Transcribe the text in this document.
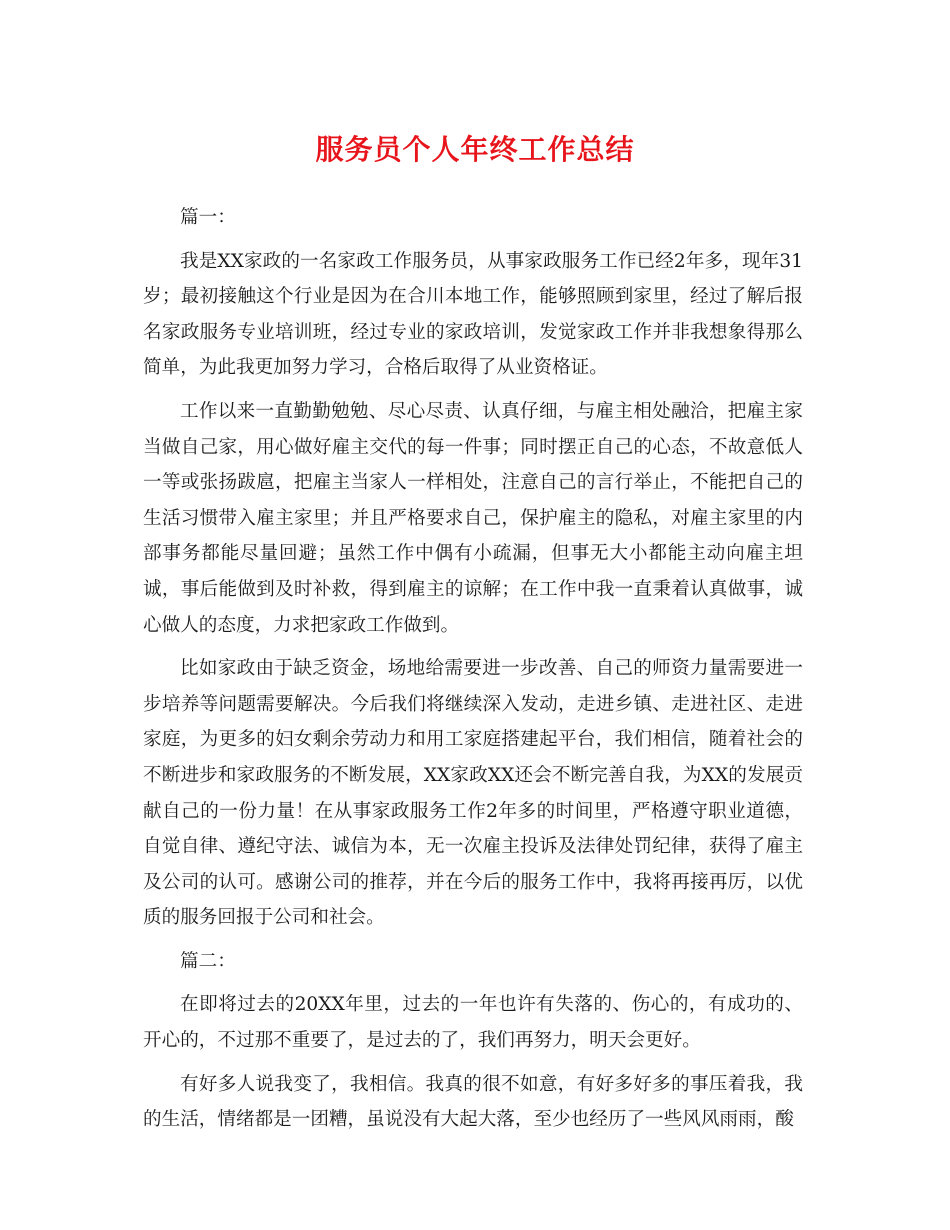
服务员个人年终工作总结

篇一：

我是XX家政的一名家政工作服务员，从事家政服务工作已经2年多，现年31岁；最初接触这个行业是因为在合川本地工作，能够照顾到家里，经过了解后报名家政服务专业培训班，经过专业的家政培训，发觉家政工作并非我想象得那么简单，为此我更加努力学习，合格后取得了从业资格证。

工作以来一直勤勤勉勉、尽心尽责、认真仔细，与雇主相处融洽，把雇主家当做自己家，用心做好雇主交代的每一件事；同时摆正自己的心态，不故意低人一等或张扬跋扈，把雇主当家人一样相处，注意自己的言行举止，不能把自己的生活习惯带入雇主家里；并且严格要求自己，保护雇主的隐私，对雇主家里的内部事务都能尽量回避；虽然工作中偶有小疏漏，但事无大小都能主动向雇主坦诚，事后能做到及时补救，得到雇主的谅解；在工作中我一直秉着认真做事，诚心做人的态度，力求把家政工作做到。

比如家政由于缺乏资金，场地给需要进一步改善、自己的师资力量需要进一步培养等问题需要解决。今后我们将继续深入发动，走进乡镇、走进社区、走进家庭，为更多的妇女剩余劳动力和用工家庭搭建起平台，我们相信，随着社会的不断进步和家政服务的不断发展，XX家政XX还会不断完善自我，为XX的发展贡献自己的一份力量！在从事家政服务工作2年多的时间里，严格遵守职业道德，自觉自律、遵纪守法、诚信为本，无一次雇主投诉及法律处罚纪律，获得了雇主及公司的认可。感谢公司的推荐，并在今后的服务工作中，我将再接再厉，以优质的服务回报于公司和社会。

篇二：

在即将过去的20XX年里，过去的一年也许有失落的、伤心的，有成功的、开心的，不过那不重要了，是过去的了，我们再努力，明天会更好。

有好多人说我变了，我相信。我真的很不如意，有好多好多的事压着我，我的生活，情绪都是一团糟，虽说没有大起大落，至少也经历了一些风风雨雨，酸
